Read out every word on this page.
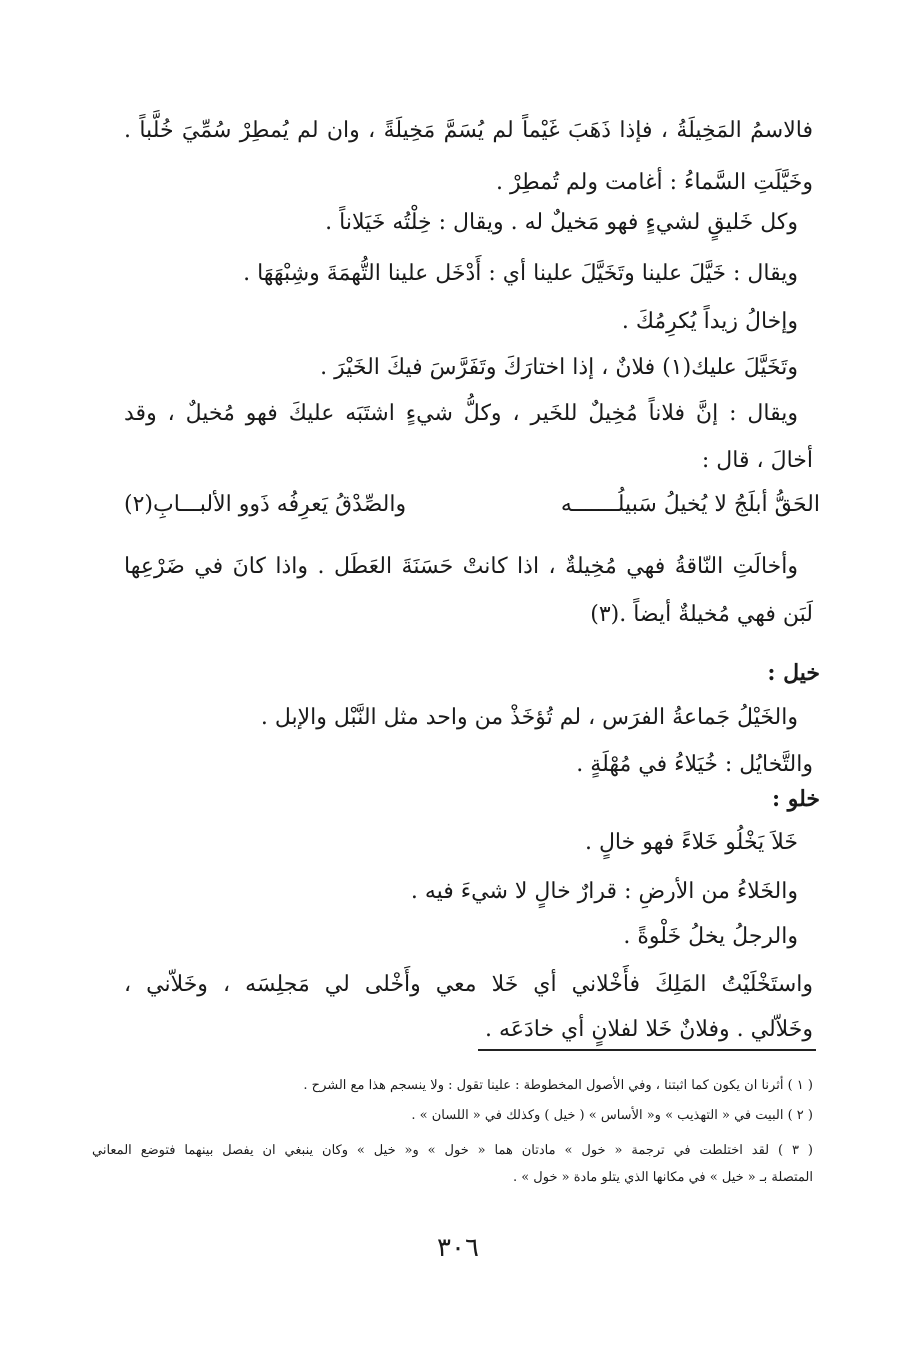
فالاسمُ المَخِيلَةُ ، فإذا ذَهَبَ غَيْماً لم يُسَمَّ مَخِيلَةً ، وان لم يُمطِرْ سُمِّيَ خُلَّباً .
وخَيَّلَتِ السَّماءُ : أغامت ولم تُمطِرْ .
وكل خَليقٍ لشيءٍ فهو مَخيلٌ له . ويقال : خِلْتُه خَيَلاناً .
ويقال : خَيَّلَ علينا وتَخَيَّلَ علينا أي : أَدْخَل علينا التُّهمَةَ وشِبْهَهَا .
وإخالُ زيداً يُكرِمُكَ .
وتَخَيَّلَ عليك(١) فلانٌ ، إذا اختارَكَ وتَفَرَّسَ فيكَ الخَيْرَ .
ويقال : إنَّ فلاناً مُخِيلٌ للخَير ، وكلُّ شيءٍ اشتَبَه عليكَ فهو مُخيلٌ ، وقد
أخالَ ، قال :
الحَقُّ أبلَجُ لا يُخيلُ سَبيلُـــــــه
والصِّدْقُ يَعرِفُه ذَوو الألبـــابِ(٢)
وأخالَتِ النّاقةُ فهي مُخِيلةٌ ، اذا كانتْ حَسَنَةَ العَطَل . واذا كانَ في ضَرْعِها
لَبَن فهي مُخيلةٌ أيضاً .(٣)
خيل :
والخَيْلُ جَماعةُ الفرَس ، لم تُؤخَذْ من واحد مثل النَّبْل والإبل .
والتَّخايُل : خُيَلاءُ في مُهْلَةٍ .
خلو :
خَلاَ يَخْلُو خَلاءً فهو خالٍ .
والخَلاءُ من الأرضِ : قرارٌ خالٍ لا شيءَ فيه .
والرجلُ يخلُ خَلْوةً .
واستَخْلَيْتُ المَلِكَ فأَخْلاني أي خَلا معي وأَخْلى لي مَجلِسَه ، وخَلاّني ،
وخَلاّلي . وفلانٌ خَلا لفلانٍ أي خادَعَه .
( ١ ) أثرنا ان يكون كما اثبتنا ، وفي الأصول المخطوطة : علينا تقول : ولا ينسجم هذا مع الشرح .
( ٢ ) البيت في « التهذيب » و« الأساس » ( خيل ) وكذلك في « اللسان » .
( ٣ ) لقد اختلطت في ترجمة « خول » مادتان هما « خول » و« خيل » وكان ينبغي ان يفصل بينهما فتوضع المعاني
المتصلة بـ « خيل » في مكانها الذي يتلو مادة « خول » .
٣٠٦
